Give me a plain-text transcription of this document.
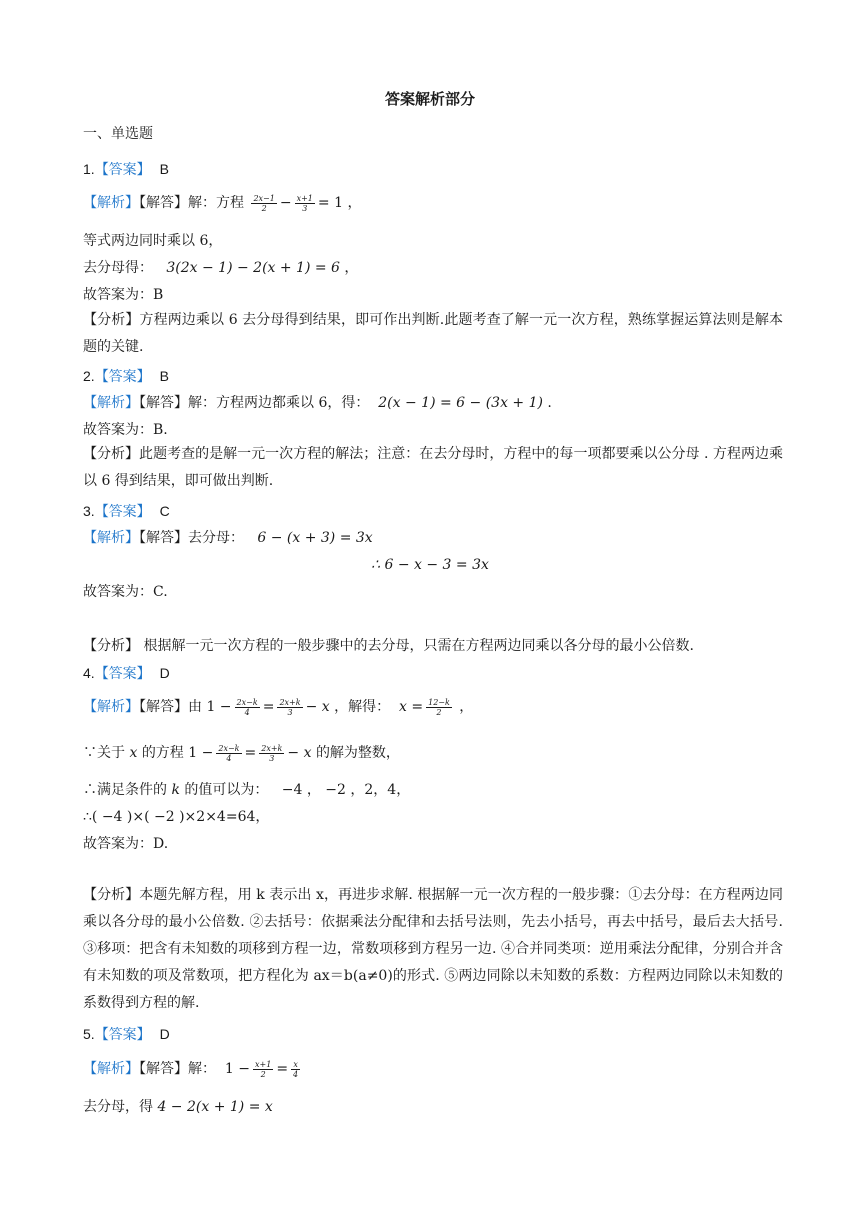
答案解析部分
一、单选题
1.【答案】 B
【解析】【解答】解：方程 $\frac{2x-1}{2} - \frac{x+1}{3} = 1$ ，
等式两边同时乘以 6，
去分母得： 3(2x − 1) − 2(x + 1) = 6 ，
故答案为：B
【分析】方程两边乘以 6 去分母得到结果，即可作出判断.此题考查了解一元一次方程，熟练掌握运算法则是解本题的关键.
2.【答案】 B
【解析】【解答】解：方程两边都乘以 6，得： 2(x − 1) = 6 − (3x + 1) .
故答案为：B.
【分析】此题考查的是解一元一次方程的解法；注意：在去分母时，方程中的每一项都要乘以公分母 . 方程两边乘以 6 得到结果，即可做出判断.
3.【答案】 C
【解析】【解答】去分母： 6 − (x + 3) = 3x
∴ 6 − x − 3 = 3x
故答案为：C.
【分析】 根据解一元一次方程的一般步骤中的去分母，只需在方程两边同乘以各分母的最小公倍数.
4.【答案】 D
【解析】【解答】由 $1 - \frac{2x-k}{4} = \frac{2x+k}{3} - x$ ，解得： $x = \frac{12-k}{2}$ ，
∵关于 x 的方程 $1 - \frac{2x-k}{4} = \frac{2x+k}{3} - x$ 的解为整数，
∴满足条件的 k 的值可以为： −4 ， −2 ，2，4，
∴( −4 )×( −2 )×2×4=64，
故答案为：D.
【分析】本题先解方程，用 k 表示出 x，再进步求解. 根据解一元一次方程的一般步骤：①去分母：在方程两边同乘以各分母的最小公倍数. ②去括号：依据乘法分配律和去括号法则，先去小括号，再去中括号，最后去大括号. ③移项：把含有未知数的项移到方程一边，常数项移到方程另一边. ④合并同类项：逆用乘法分配律，分别合并含有未知数的项及常数项，把方程化为 ax＝b(a≠0)的形式. ⑤两边同除以未知数的系数：方程两边同除以未知数的系数得到方程的解.
5.【答案】 D
【解析】【解答】解： $1 - \frac{x+1}{2} = \frac{x}{4}$
去分母，得 4 − 2(x + 1) = x
